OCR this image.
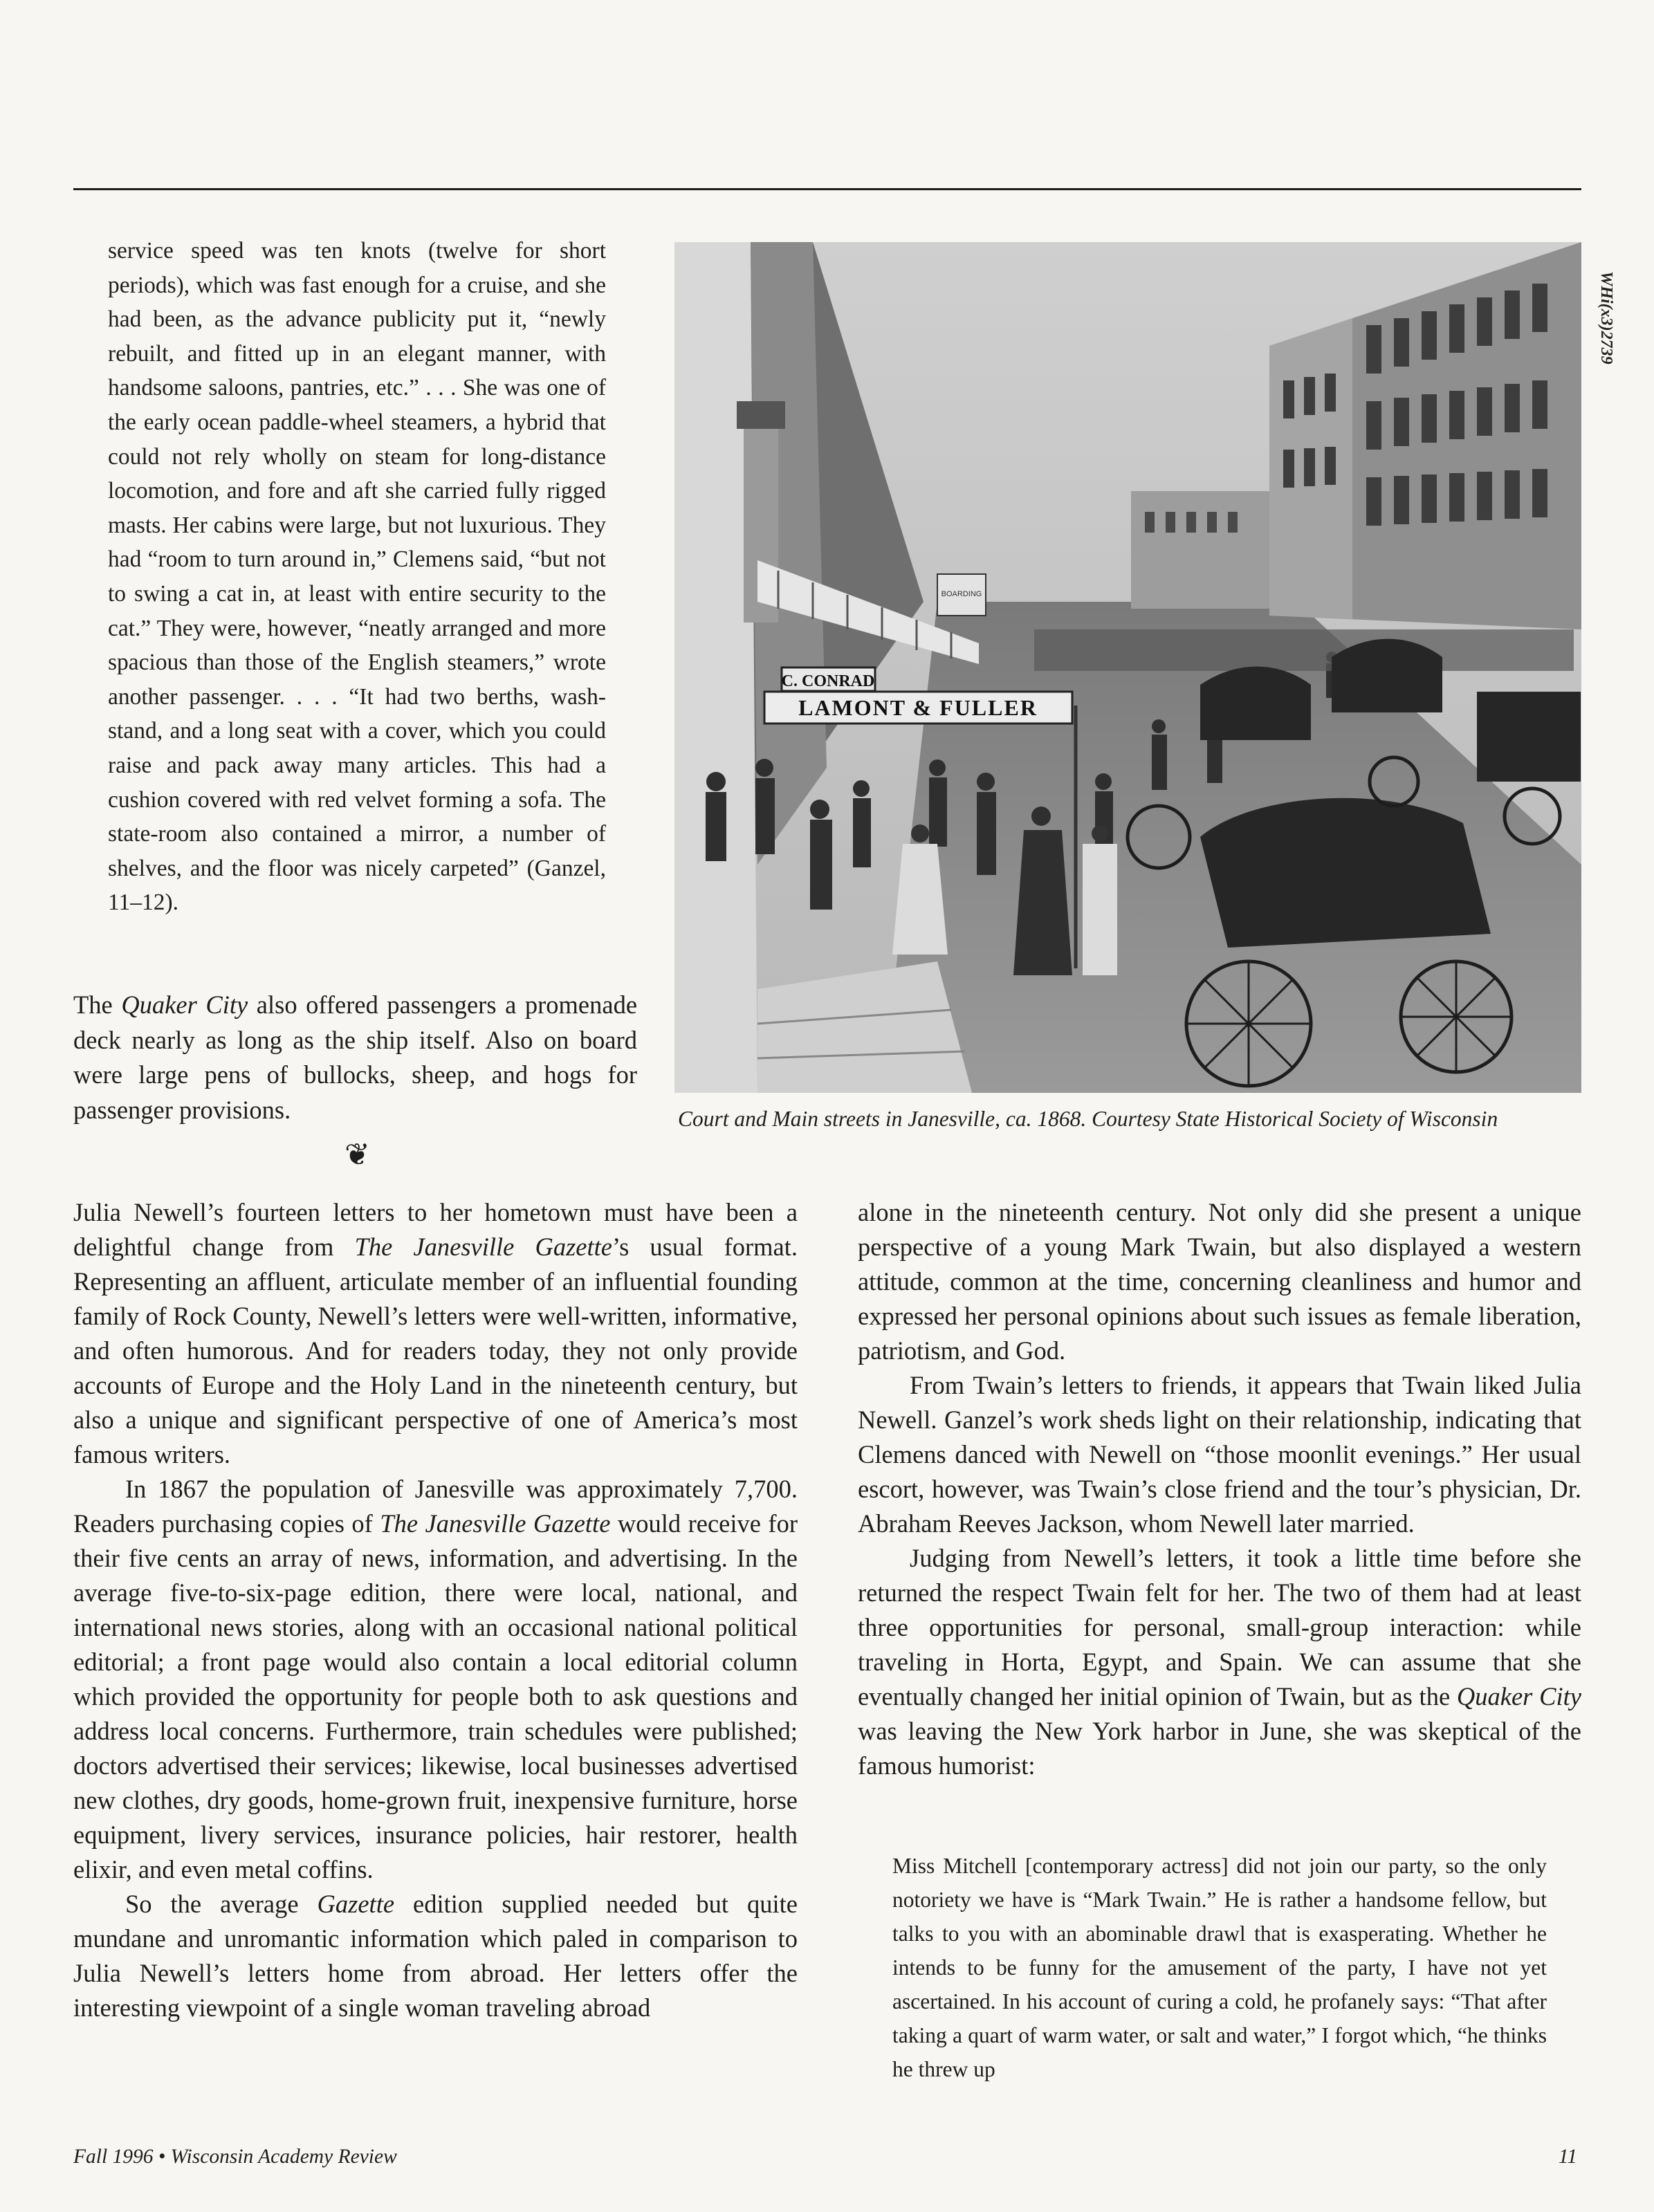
service speed was ten knots (twelve for short periods), which was fast enough for a cruise, and she had been, as the advance publicity put it, “newly rebuilt, and fitted up in an elegant manner, with handsome saloons, pantries, etc.” . . . She was one of the early ocean paddle-wheel steamers, a hybrid that could not rely wholly on steam for long-distance locomotion, and fore and aft she carried fully rigged masts. Her cabins were large, but not luxurious. They had “room to turn around in,” Clemens said, “but not to swing a cat in, at least with entire security to the cat.” They were, however, “neatly arranged and more spacious than those of the English steamers,” wrote another passenger. . . . “It had two berths, wash-stand, and a long seat with a cover, which you could raise and pack away many articles. This had a cushion covered with red velvet forming a sofa. The state-room also contained a mirror, a number of shelves, and the floor was nicely carpeted” (Ganzel, 11–12).

The Quaker City also offered passengers a promenade deck nearly as long as the ship itself. Also on board were large pens of bullocks, sheep, and hogs for passenger provisions.

❦
C. CONRAD
LAMONT & FULLER
BOARDING
Court and Main streets in Janesville, ca. 1868. Courtesy State Historical Society of Wisconsin
WHi(x3)2739

Julia Newell’s fourteen letters to her hometown must have been a delightful change from The Janesville Gazette’s usual format. Representing an affluent, articulate member of an influential founding family of Rock County, Newell’s letters were well-written, informative, and often humorous. And for readers today, they not only provide accounts of Europe and the Holy Land in the nineteenth century, but also a unique and significant perspective of one of America’s most famous writers.

In 1867 the population of Janesville was approximately 7,700. Readers purchasing copies of The Janesville Gazette would receive for their five cents an array of news, information, and advertising. In the average five-to-six-page edition, there were local, national, and international news stories, along with an occasional national political editorial; a front page would also contain a local editorial column which provided the opportunity for people both to ask questions and address local concerns. Furthermore, train schedules were published; doctors advertised their services; likewise, local businesses advertised new clothes, dry goods, home-grown fruit, inexpensive furniture, horse equipment, livery services, insurance policies, hair restorer, health elixir, and even metal coffins.

So the average Gazette edition supplied needed but quite mundane and unromantic information which paled in comparison to Julia Newell’s letters home from abroad. Her letters offer the interesting viewpoint of a single woman traveling abroad

alone in the nineteenth century. Not only did she present a unique perspective of a young Mark Twain, but also displayed a western attitude, common at the time, concerning cleanliness and humor and expressed her personal opinions about such issues as female liberation, patriotism, and God.

From Twain’s letters to friends, it appears that Twain liked Julia Newell. Ganzel’s work sheds light on their relationship, indicating that Clemens danced with Newell on “those moonlit evenings.” Her usual escort, however, was Twain’s close friend and the tour’s physician, Dr. Abraham Reeves Jackson, whom Newell later married.

Judging from Newell’s letters, it took a little time before she returned the respect Twain felt for her. The two of them had at least three opportunities for personal, small-group interaction: while traveling in Horta, Egypt, and Spain. We can assume that she eventually changed her initial opinion of Twain, but as the Quaker City was leaving the New York harbor in June, she was skeptical of the famous humorist:

Miss Mitchell [contemporary actress] did not join our party, so the only notoriety we have is “Mark Twain.” He is rather a handsome fellow, but talks to you with an abominable drawl that is exasperating. Whether he intends to be funny for the amusement of the party, I have not yet ascertained. In his account of curing a cold, he profanely says: “That after taking a quart of warm water, or salt and water,” I forgot which, “he thinks he threw up

Fall 1996 • Wisconsin Academy Review	11
